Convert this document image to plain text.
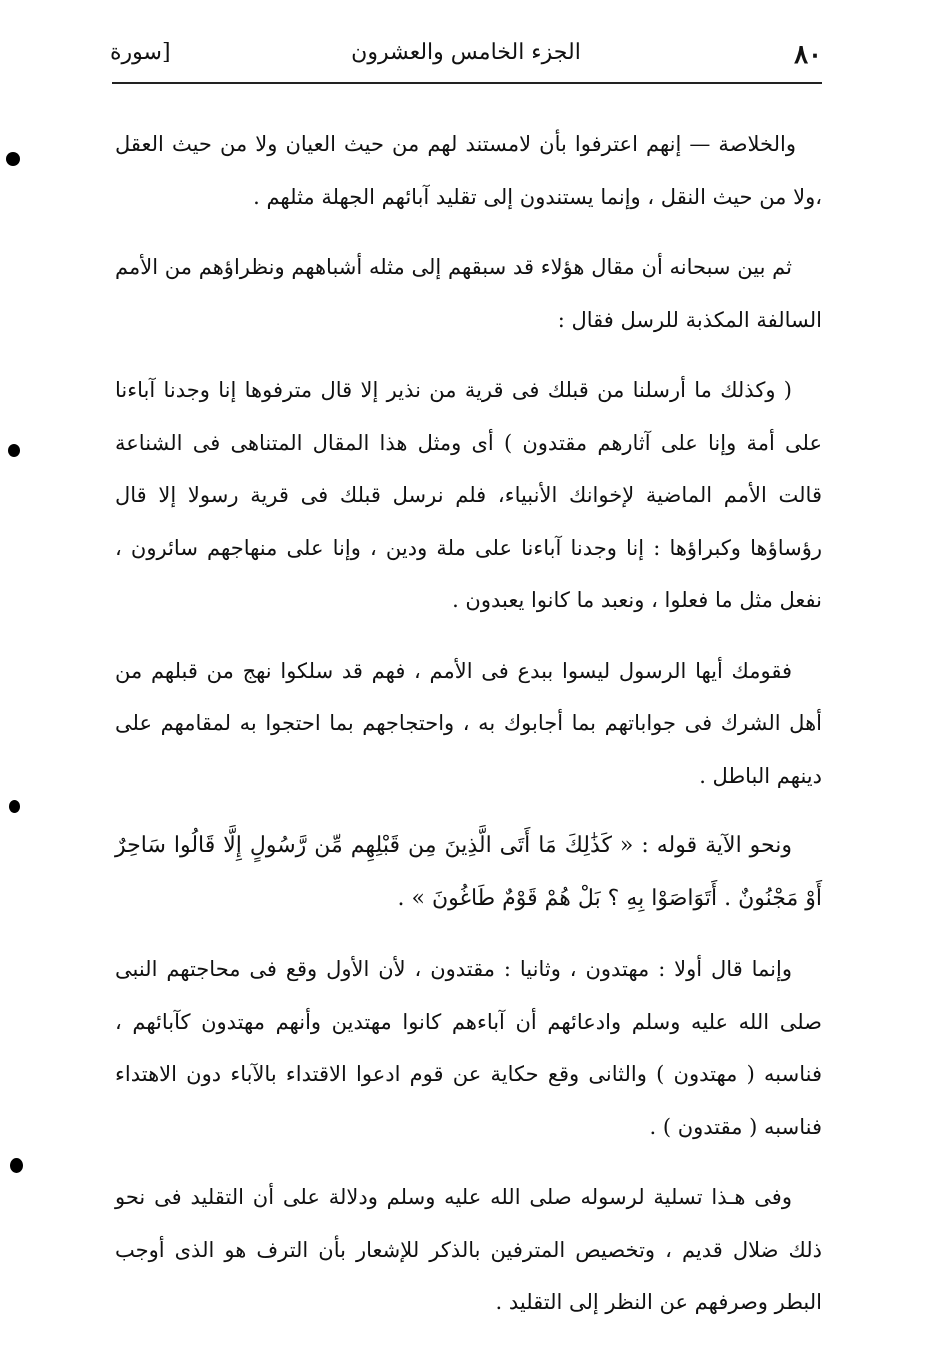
٨٠
الجزء الخامس والعشرون
[سورة

والخلاصة — إنهم اعترفوا بأن لامستند لهم من حيث العيان ولا من حيث العقل ،ولا من حيث النقل ، وإنما يستندون إلى تقليد آبائهم الجهلة مثلهم .

ثم بين سبحانه أن مقال هؤلاء قد سبقهم إلى مثله أشباههم ونظراؤهم من الأمم السالفة المكذبة للرسل فقال :

( وكذلك ما أرسلنا من قبلك فى قرية من نذير إلا قال مترفوها إنا وجدنا آباءنا على أمة وإنا على آثارهم مقتدون ) أى ومثل هذا المقال المتناهى فى الشناعة قالت الأمم الماضية لإخوانك الأنبياء، فلم نرسل قبلك فى قرية رسولا إلا قال رؤساؤها وكبراؤها : إنا وجدنا آباءنا على ملة ودين ، وإنا على منهاجهم سائرون ، نفعل مثل ما فعلوا ، ونعبد ما كانوا يعبدون .

فقومك أيها الرسول ليسوا ببدع فى الأمم ، فهم قد سلكوا نهج من قبلهم من أهل الشرك فى جواباتهم بما أجابوك به ، واحتجاجهم بما احتجوا به لمقامهم على دينهم الباطل .

ونحو الآية قوله : « كَذَٰلِكَ مَا أَتَى الَّذِينَ مِن قَبْلِهِم مِّن رَّسُولٍ إِلَّا قَالُوا سَاحِرٌ أَوْ مَجْنُونٌ . أَتَوَاصَوْا بِهِ ؟ بَلْ هُمْ قَوْمٌ طَاغُونَ » .

وإنما قال أولا : مهتدون ، وثانيا : مقتدون ، لأن الأول وقع فى محاجتهم النبى صلى الله عليه وسلم وادعائهم أن آباءهم كانوا مهتدين وأنهم مهتدون كآبائهم ، فناسبه ( مهتدون ) والثانى وقع حكاية عن قوم ادعوا الاقتداء بالآباء دون الاهتداء فناسبه ( مقتدون ) .

وفى هـذا تسلية لرسوله صلى الله عليه وسلم ودلالة على أن التقليد فى نحو ذلك ضلال قديم ، وتخصيص المترفين بالذكر للإشعار بأن الترف هو الذى أوجب البطر وصرفهم عن النظر إلى التقليد .
